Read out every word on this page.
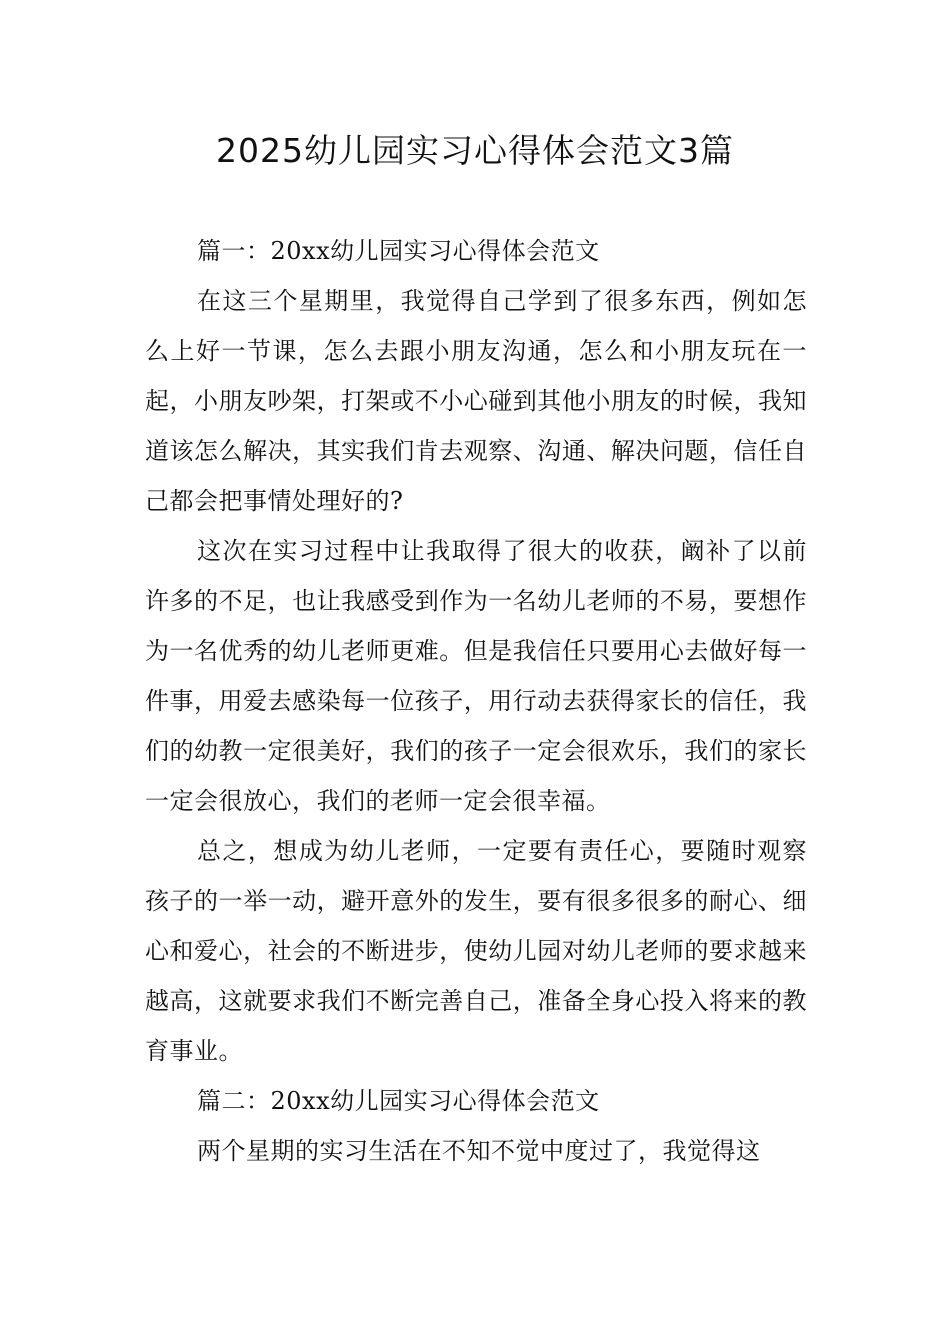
2025幼儿园实习心得体会范文3篇

篇一：20xx幼儿园实习心得体会范文

在这三个星期里，我觉得自己学到了很多东西，例如怎么上好一节课，怎么去跟小朋友沟通，怎么和小朋友玩在一起，小朋友吵架，打架或不小心碰到其他小朋友的时候，我知道该怎么解决，其实我们肯去观察、沟通、解决问题，信任自己都会把事情处理好的?

这次在实习过程中让我取得了很大的收获，阚补了以前许多的不足，也让我感受到作为一名幼儿老师的不易，要想作为一名优秀的幼儿老师更难。但是我信任只要用心去做好每一件事，用爱去感染每一位孩子，用行动去获得家长的信任，我们的幼教一定很美好，我们的孩子一定会很欢乐，我们的家长一定会很放心，我们的老师一定会很幸福。

总之，想成为幼儿老师，一定要有责任心，要随时观察孩子的一举一动，避开意外的发生，要有很多很多的耐心、细心和爱心，社会的不断进步，使幼儿园对幼儿老师的要求越来越高，这就要求我们不断完善自己，准备全身心投入将来的教育事业。

篇二：20xx幼儿园实习心得体会范文

两个星期的实习生活在不知不觉中度过了，我觉得这
